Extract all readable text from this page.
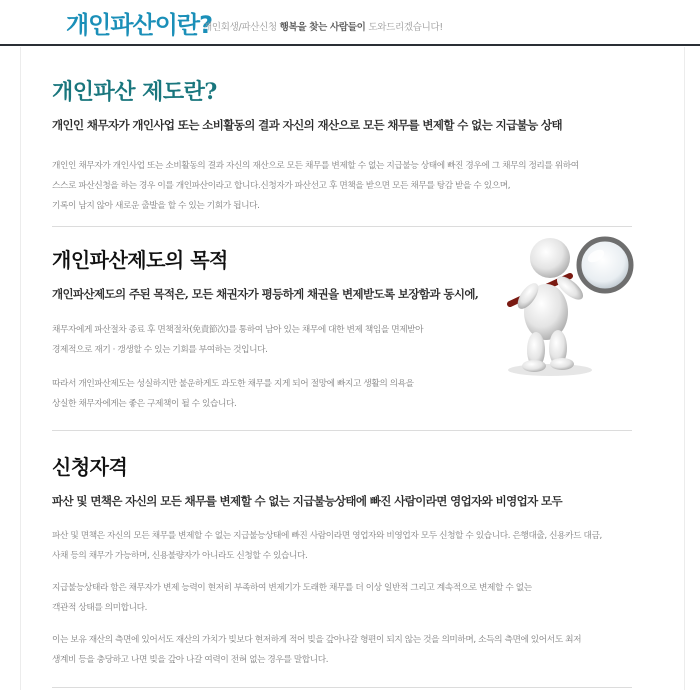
개인파산이란?
개인회생/파산신청 행복을 찾는 사람들이 도와드리겠습니다!
개인파산 제도란?

개인인 채무자가 개인사업 또는 소비활동의 결과 자신의 재산으로 모든 채무를 변제할 수 없는 지급불능 상태

개인인 채무자가 개인사업 또는 소비활동의 결과 자신의 재산으로 모든 채무를 변제할 수 없는 지급불능 상태에 빠진 경우에 그 채무의 정리를 위하여

스스로 파산신청을 하는 경우 이를 개인파산이라고 합니다.신청자가 파산선고 후 면책을 받으면 모든 채무를 탕감 받을 수 있으며,

기록이 남지 않아 새로운 출발을 할 수 있는 기회가 됩니다.

개인파산제도의 목적

개인파산제도의 주된 목적은, 모든 채권자가 평등하게 채권을 변제받도록 보장함과 동시에,

채무자에게 파산절차 종료 후 면책절차(免責節次)를 통하여 남아 있는 채무에 대한 변제 책임을 면제받아

경제적으로 재기 · 갱생할 수 있는 기회를 부여하는 것입니다.

따라서 개인파산제도는 성실하지만 불운하게도 과도한 채무를 지게 되어 절망에 빠지고 생활의 의욕을

상실한 채무자에게는 좋은 구제책이 될 수 있습니다.

신청자격

파산 및 면책은 자신의 모든 채무를 변제할 수 없는 지급불능상태에 빠진 사람이라면 영업자와 비영업자 모두

파산 및 면책은 자신의 모든 채무를 변제할 수 없는 지급불능상태에 빠진 사람이라면 영업자와 비영업자 모두 신청할 수 있습니다. 은행대출, 신용카드 대금,

사채 등의 채무가 가능하며, 신용불량자가 아니라도 신청할 수 있습니다.

지급불능상태라 함은 채무자가 변제 능력이 현저히 부족하여 변제기가 도래한 채무를 더 이상 일반적 그리고 계속적으로 변제할 수 없는

객관적 상태를 의미합니다.

이는 보유 재산의 측면에 있어서도 재산의 가치가 빚보다 현저하게 적어 빚을 갚아나갈 형편이 되지 않는 것을 의미하며, 소득의 측면에 있어서도 최저

생계비 등을 충당하고 나면 빚을 갚아 나갈 여력이 전혀 없는 경우를 말합니다.
